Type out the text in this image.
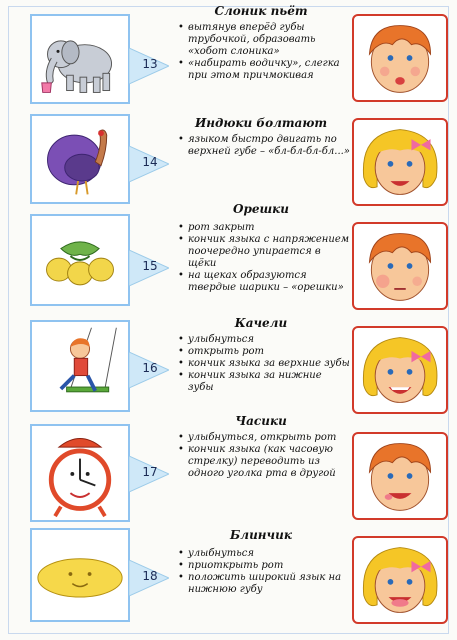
13

Слоник пьёт

• вытянув вперёд губы трубочкой, образовать «хобот слоника»
• «набирать водичку», слегка при этом причмокивая
14

Индюки болтают

• языком быстро двигать по верхней губе – «бл-бл-бл-бл...»
15

Орешки

• рот закрыт
• кончик языка с напряжением поочередно упирается в щёки
• на щеках образуются твердые шарики – «орешки»
16

Качели

• улыбнуться
• открыть рот
• кончик языка за верхние зубы
• кончик языка за нижние зубы
17

Часики

• улыбнуться, открыть рот
• кончик языка (как часовую стрелку) переводить из одного уголка рта в другой
18

Блинчик

• улыбнуться
• приоткрыть рот
• положить широкий язык на нижнюю губу
